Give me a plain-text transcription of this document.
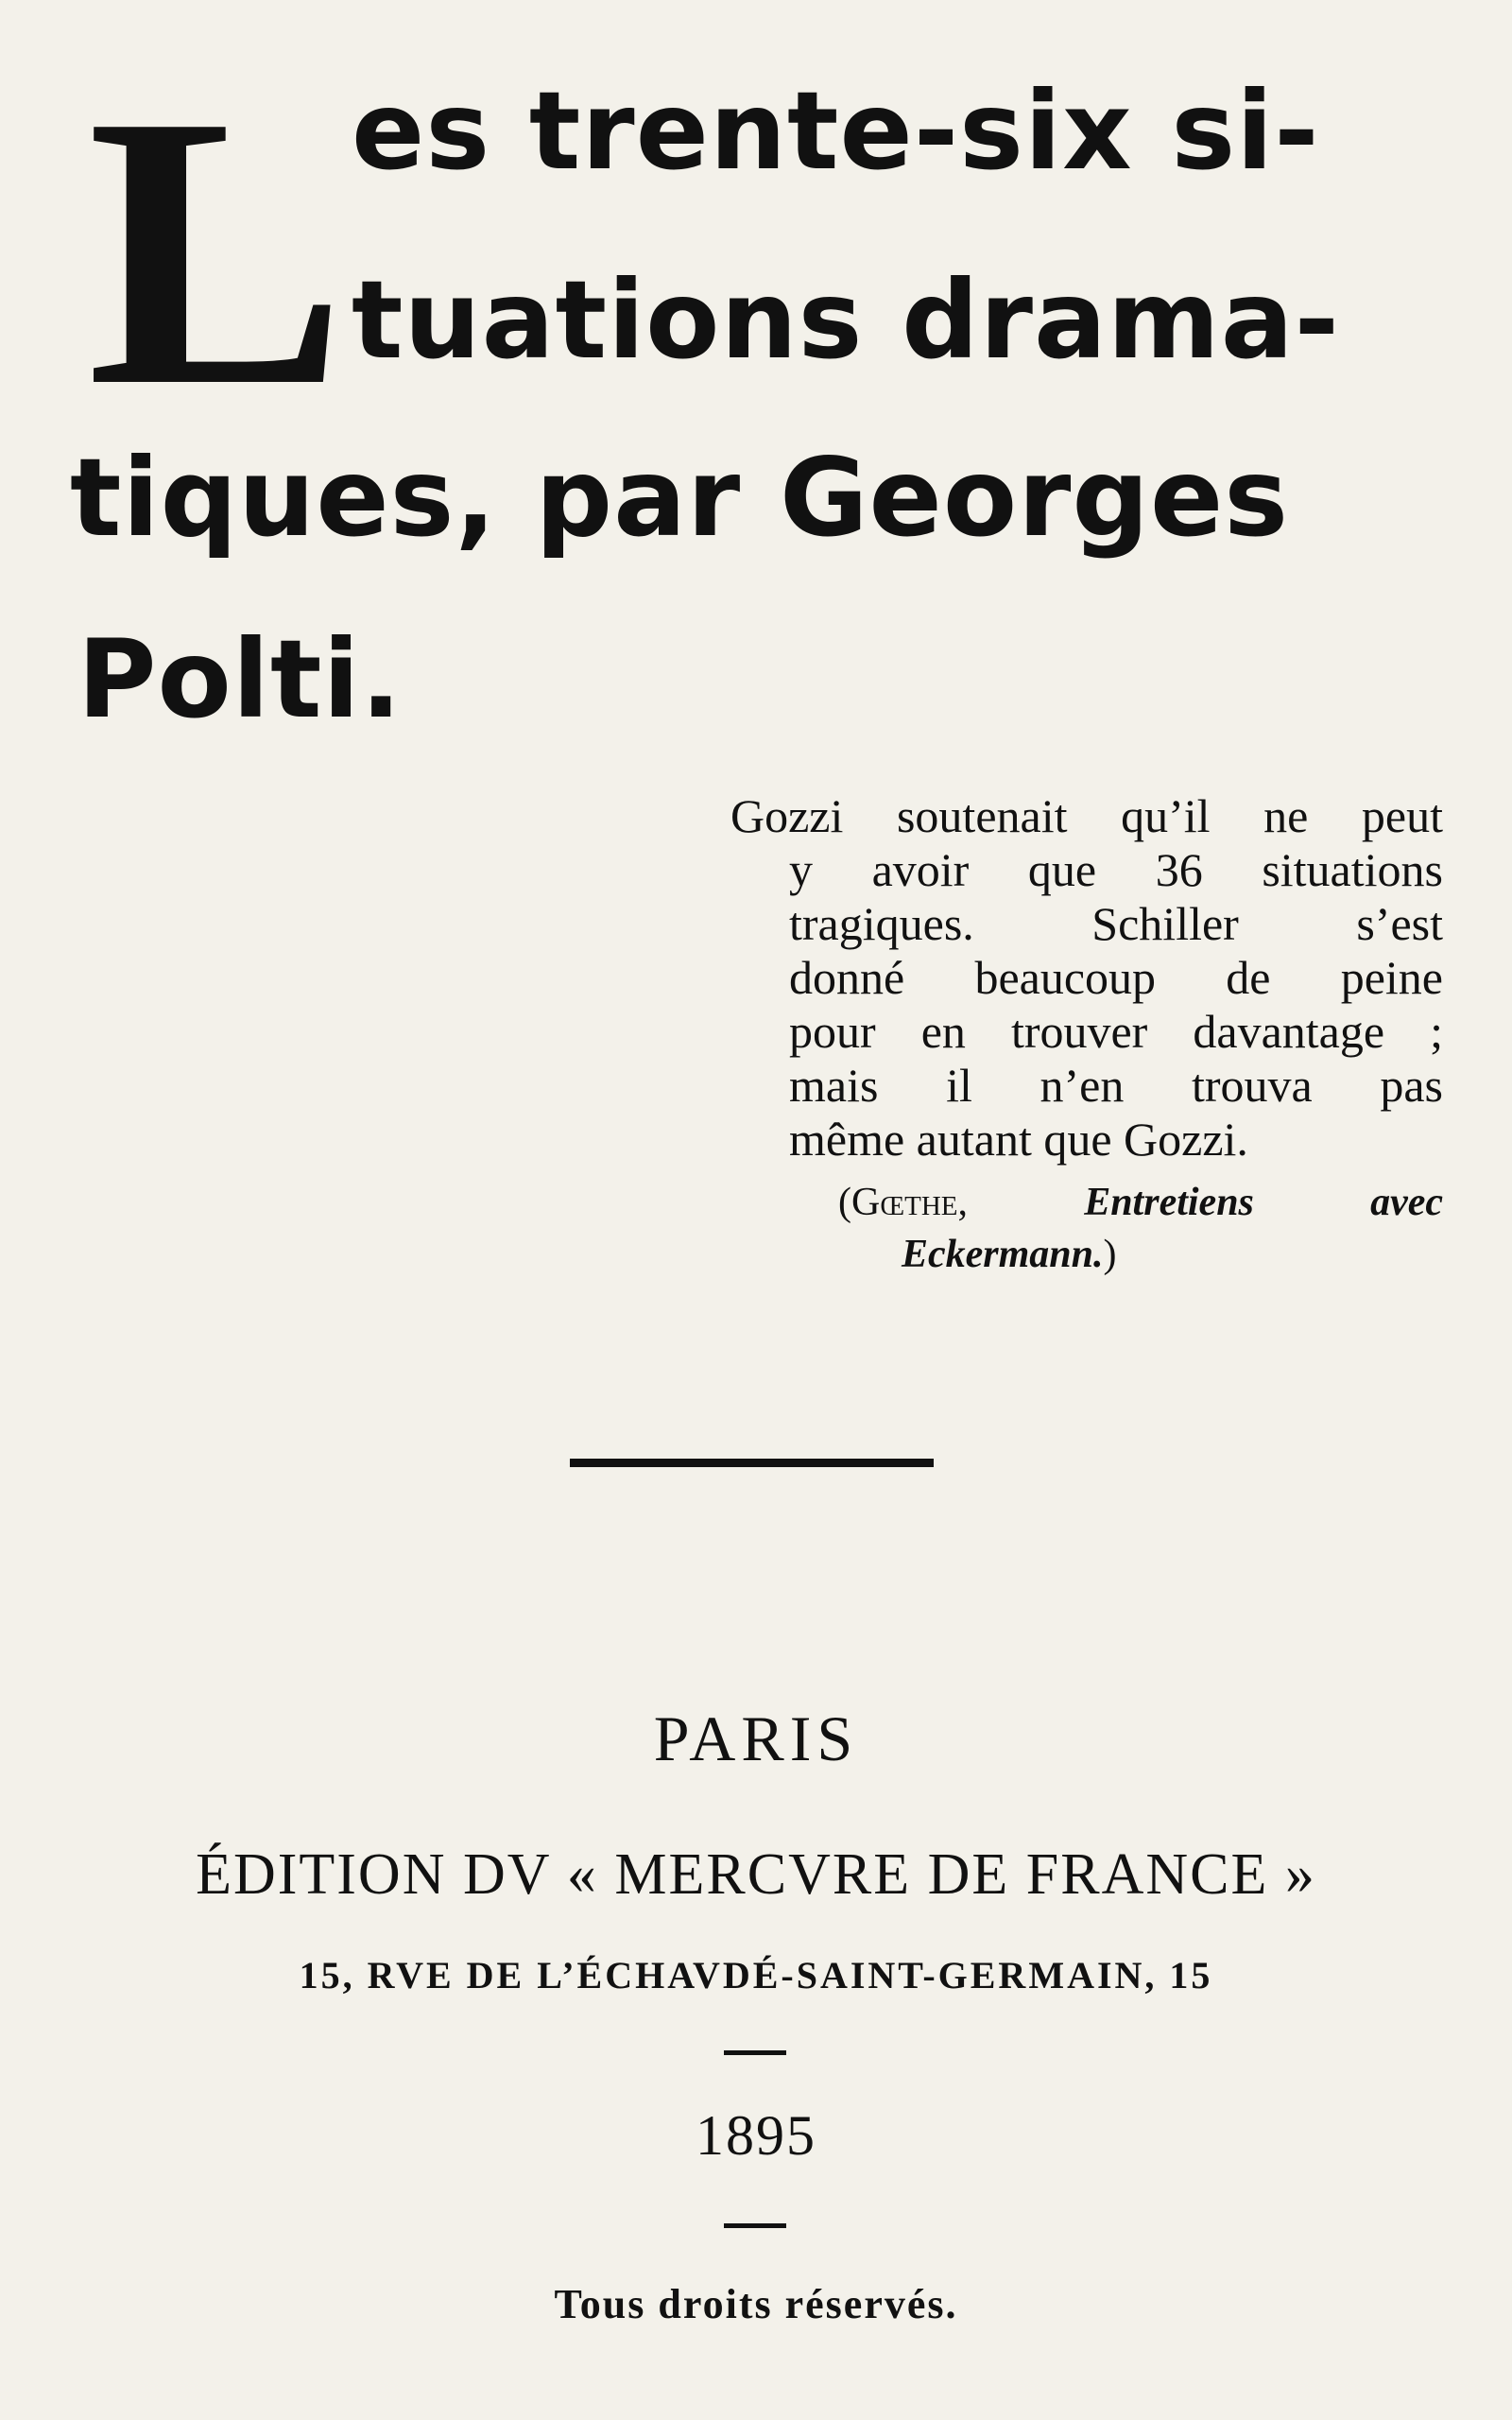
L es trente-six si-
tuations drama-
tiques, par Georges
Polti.
Gozzi soutenait qu’il ne peut
y avoir que 36 situations
tragiques. Schiller s’est
donné beaucoup de peine
pour en trouver davantage ;
mais il n’en trouva pas
même autant que Gozzi.
(Gœthe,	Entretiens avec
Eckermann.)
PARIS
ÉDITION DV « MERCVRE DE FRANCE »
15, RVE DE L’ÉCHAVDÉ-SAINT-GERMAIN, 15
1895
Tous droits réservés.
